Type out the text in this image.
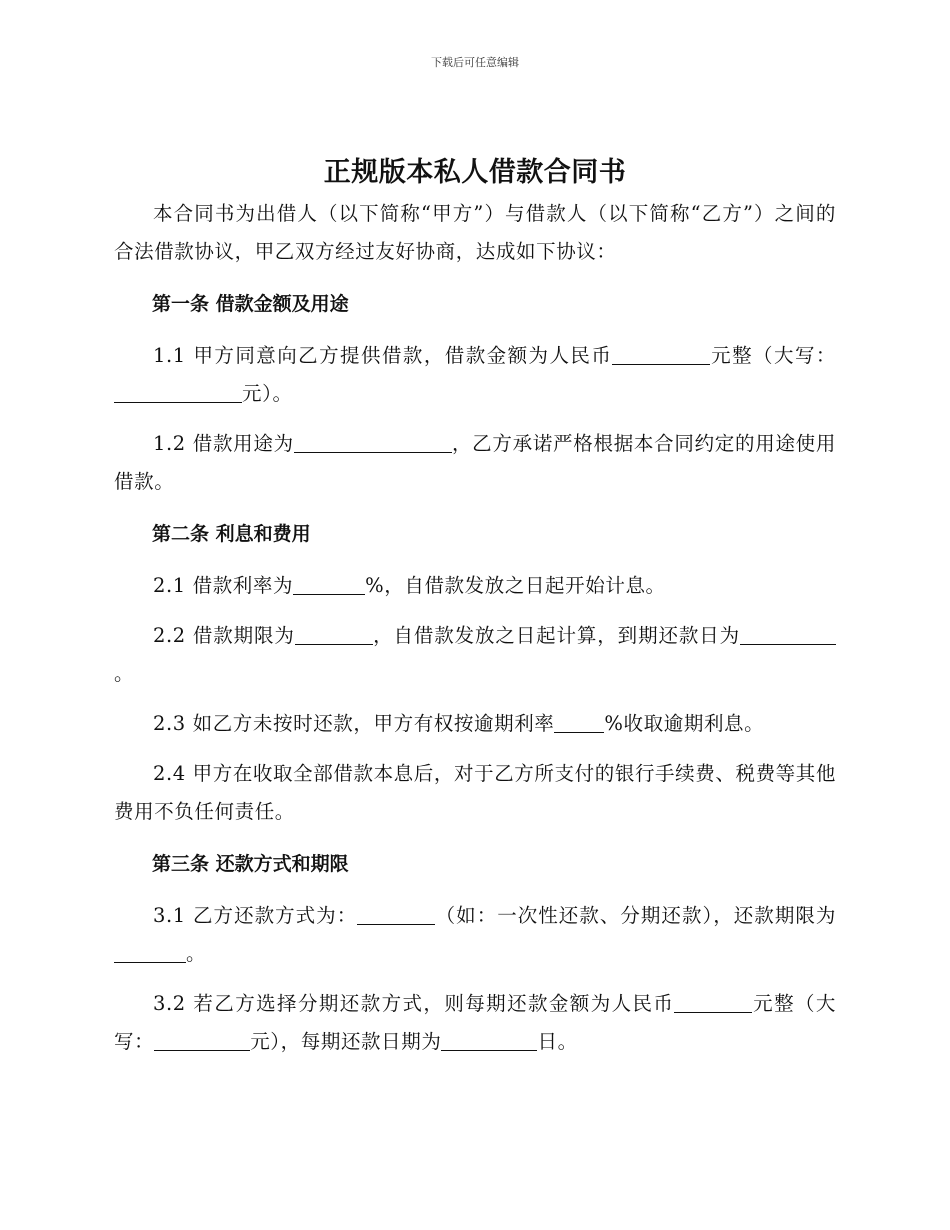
下载后可任意编辑
正规版本私人借款合同书

本合同书为出借人（以下简称“甲方”）与借款人（以下简称“乙方”）之间的合法借款协议，甲乙双方经过友好协商，达成如下协议：

第一条 借款金额及用途

1.1 甲方同意向乙方提供借款，借款金额为人民币	元整（大写：元）。

1.2 借款用途为	，乙方承诺严格根据本合同约定的用途使用借款。

第二条 利息和费用

2.1 借款利率为	%，自借款发放之日起开始计息。

2.2 借款期限为	，自借款发放之日起计算，到期还款日为。

2.3 如乙方未按时还款，甲方有权按逾期利率	%收取逾期利息。

2.4 甲方在收取全部借款本息后，对于乙方所支付的银行手续费、税费等其他费用不负任何责任。

第三条 还款方式和期限

3.1 乙方还款方式为：	（如：一次性还款、分期还款），还款期限为。

3.2 若乙方选择分期还款方式，则每期还款金额为人民币	元整（大写：	元），每期还款日期为	日。
